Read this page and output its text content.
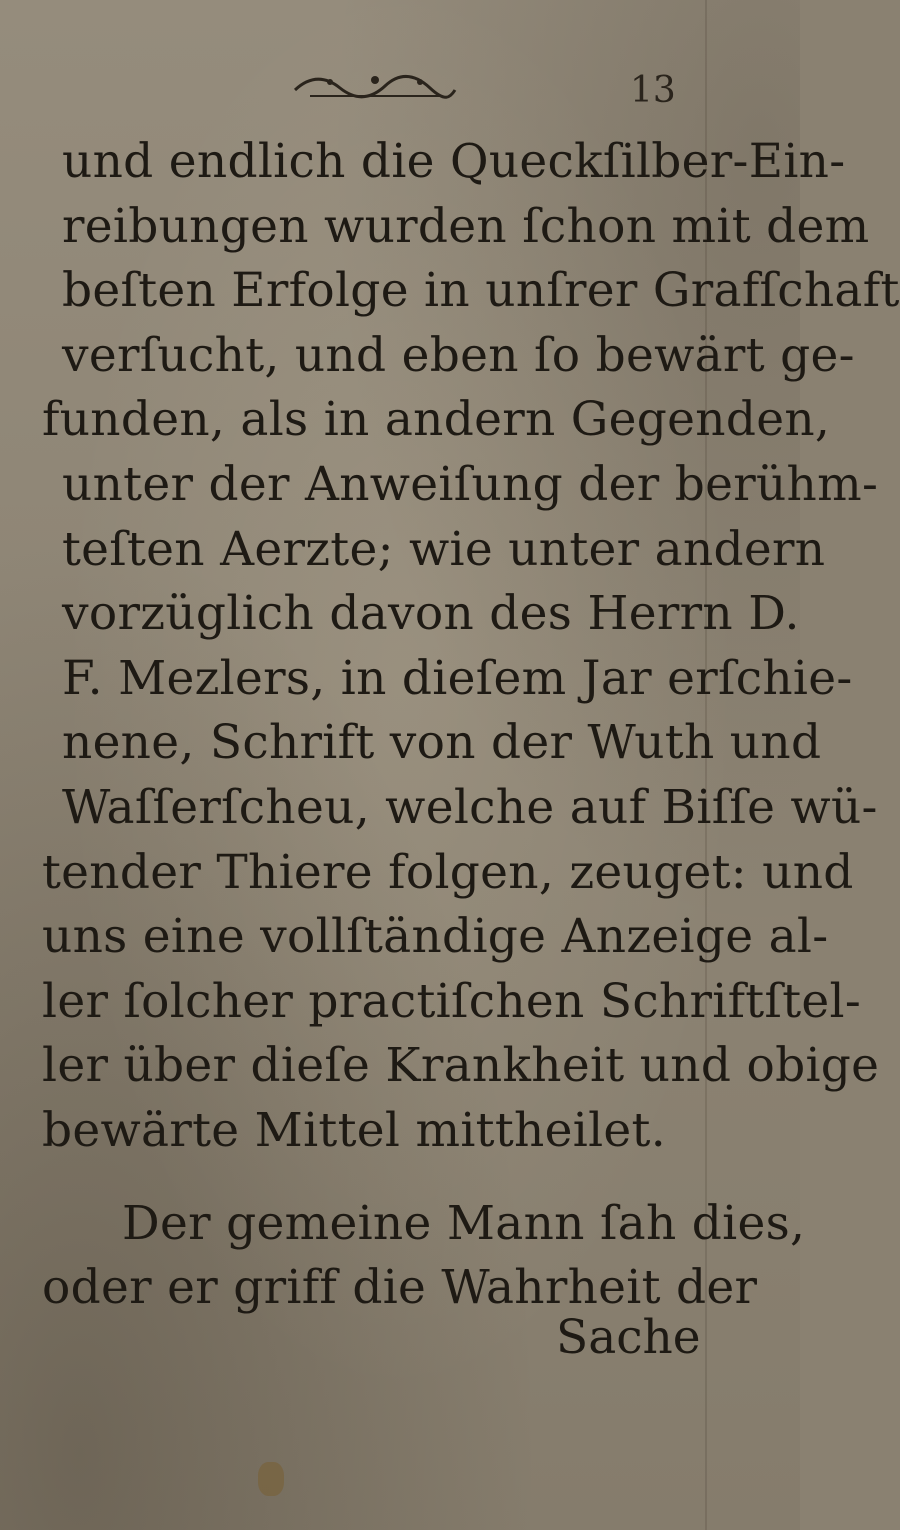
13
und endlich die Queckſilber-Ein-
reibungen wurden ſchon mit dem
beſten Erfolge in unſrer Grafſchaft
verſucht, und eben ſo bewärt ge-
funden, als in andern Gegenden,
unter der Anweiſung der berühm-
teſten Aerzte; wie unter andern
vorzüglich davon des Herrn D.
F. Mezlers, in dieſem Jar erſchie-
nene, Schrift von der Wuth und
Waſſerſcheu, welche auf Biſſe wü-
tender Thiere folgen, zeuget: und
uns eine vollſtändige Anzeige al-
ler ſolcher practiſchen Schriftſtel-
ler über dieſe Krankheit und obige
bewärte Mittel mittheilet.
Der gemeine Mann ſah dies,
oder er griff die Wahrheit der
Sache
